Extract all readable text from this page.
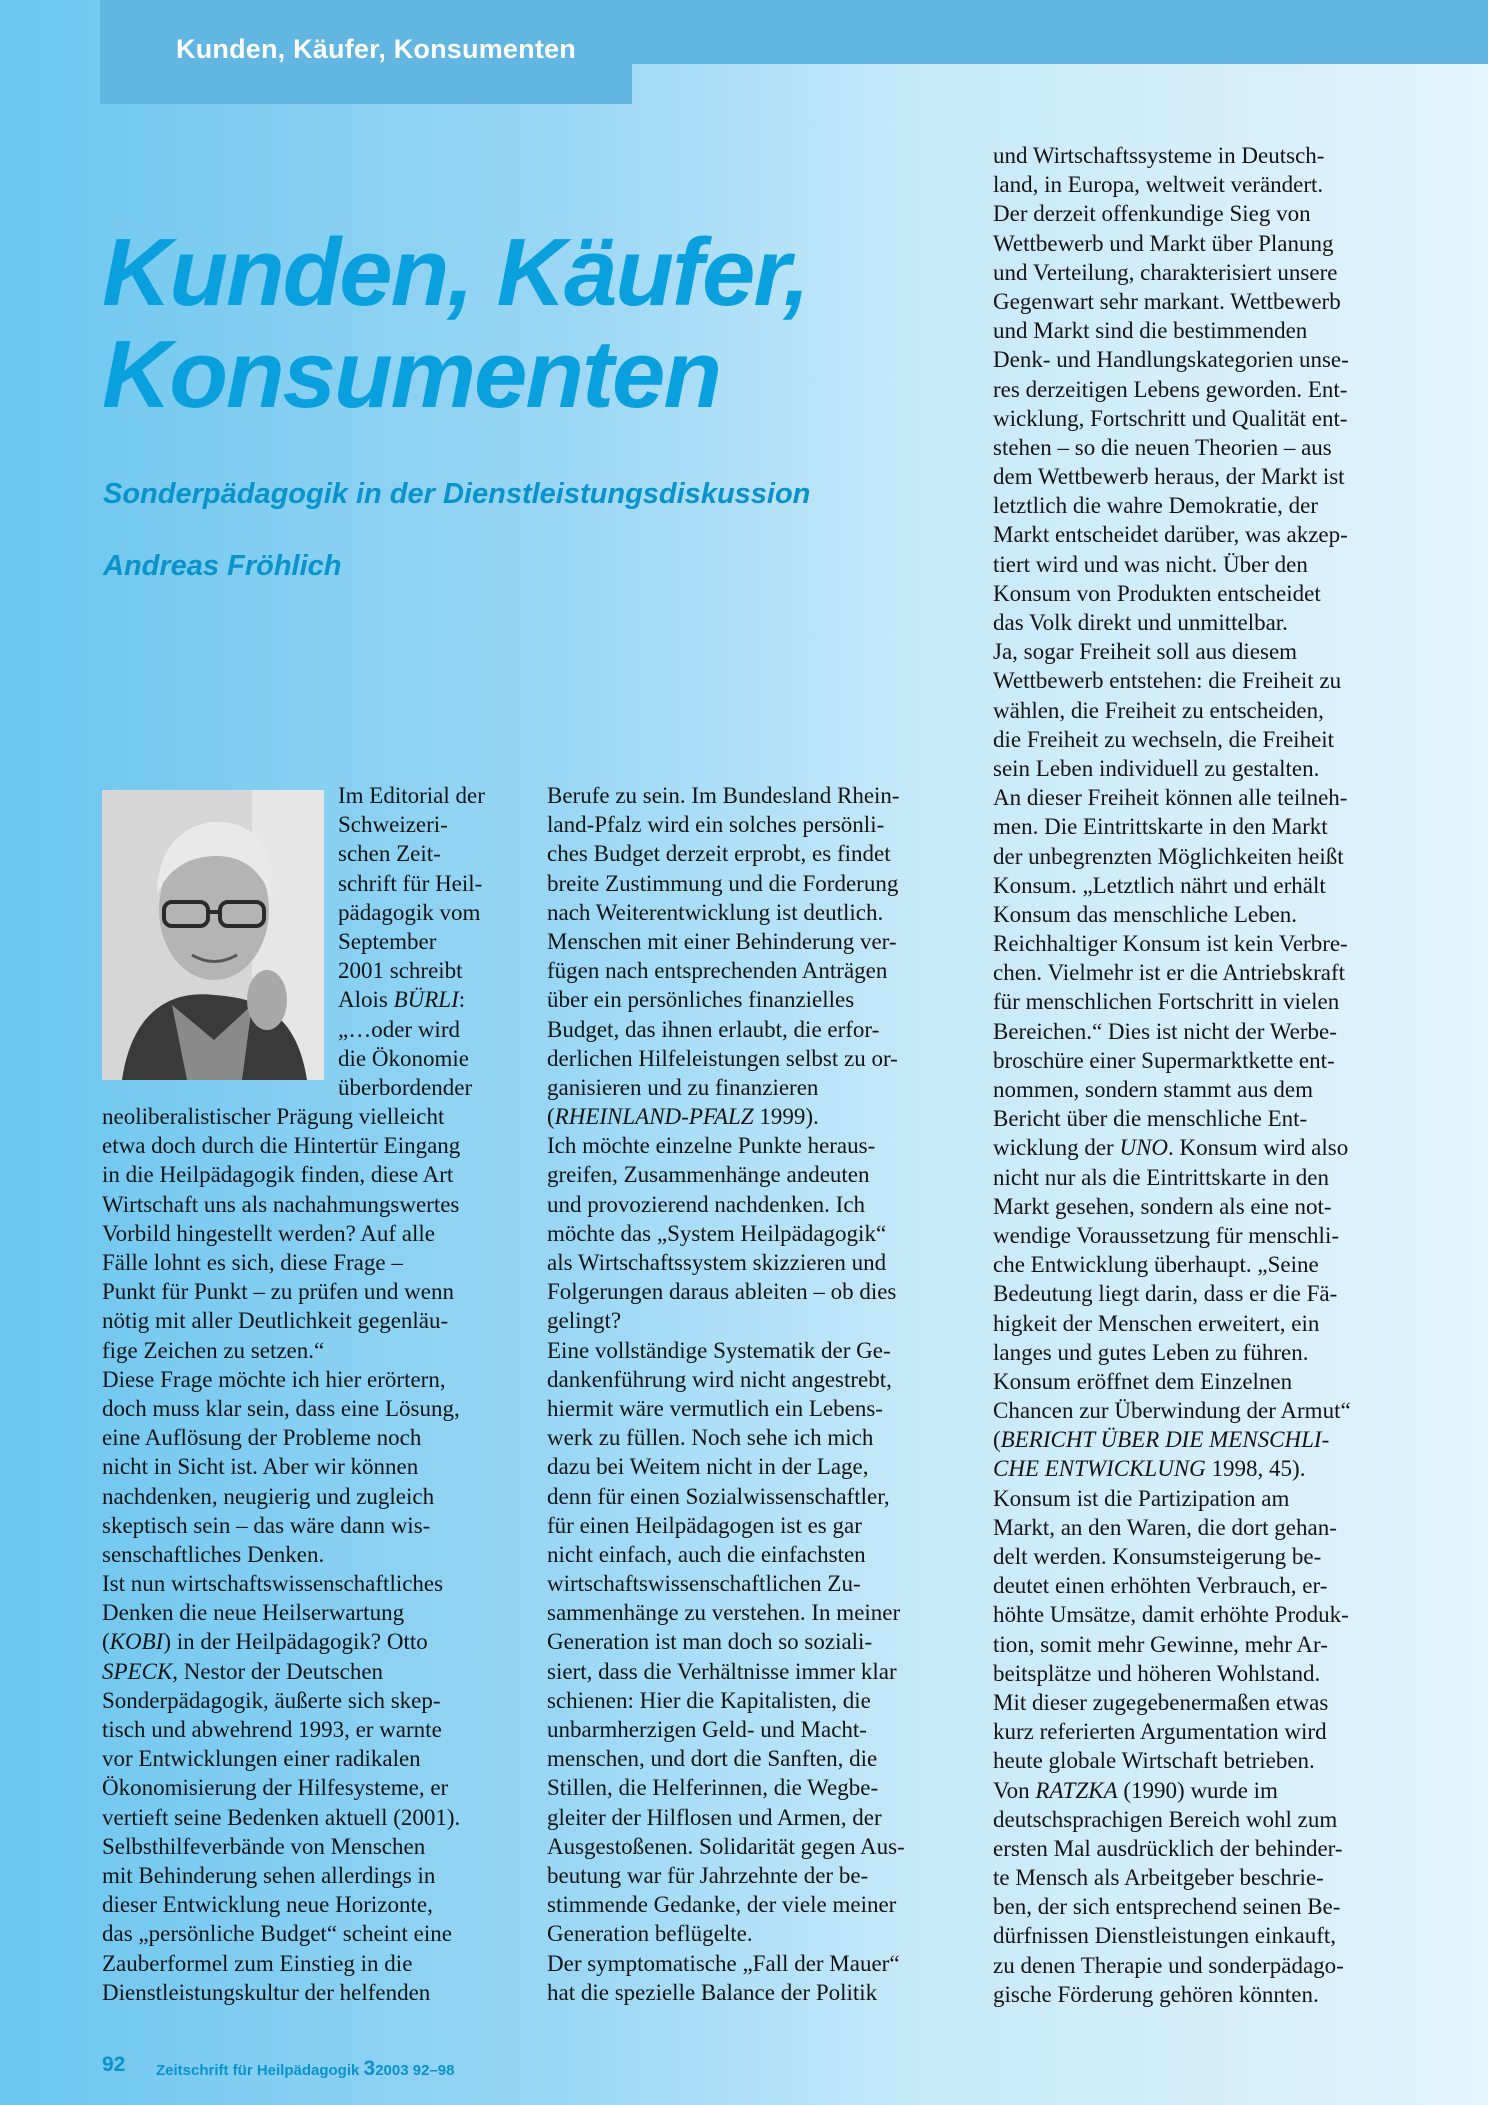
Kunden, Käufer, Konsumenten
Kunden, Käufer,
Konsumenten
Sonderpädagogik in der Dienstleistungsdiskussion
Andreas Fröhlich
Im Editorial der
Schweizeri-
schen Zeit-
schrift für Heil-
pädagogik vom
September
2001 schreibt
Alois BÜRLI:
„…oder wird
die Ökonomie
überbordender
neoliberalistischer Prägung vielleicht
etwa doch durch die Hintertür Eingang
in die Heilpädagogik finden, diese Art
Wirtschaft uns als nachahmungswertes
Vorbild hingestellt werden? Auf alle
Fälle lohnt es sich, diese Frage –
Punkt für Punkt – zu prüfen und wenn
nötig mit aller Deutlichkeit gegenläu-
fige Zeichen zu setzen.“
Diese Frage möchte ich hier erörtern,
doch muss klar sein, dass eine Lösung,
eine Auflösung der Probleme noch
nicht in Sicht ist. Aber wir können
nachdenken, neugierig und zugleich
skeptisch sein – das wäre dann wis-
senschaftliches Denken.
Ist nun wirtschaftswissenschaftliches
Denken die neue Heilserwartung
(KOBI) in der Heilpädagogik? Otto
SPECK, Nestor der Deutschen
Sonderpädagogik, äußerte sich skep-
tisch und abwehrend 1993, er warnte
vor Entwicklungen einer radikalen
Ökonomisierung der Hilfesysteme, er
vertieft seine Bedenken aktuell (2001).
Selbsthilfeverbände von Menschen
mit Behinderung sehen allerdings in
dieser Entwicklung neue Horizonte,
das „persönliche Budget“ scheint eine
Zauberformel zum Einstieg in die
Dienstleistungskultur der helfenden
Berufe zu sein. Im Bundesland Rhein-
land-Pfalz wird ein solches persönli-
ches Budget derzeit erprobt, es findet
breite Zustimmung und die Forderung
nach Weiterentwicklung ist deutlich.
Menschen mit einer Behinderung ver-
fügen nach entsprechenden Anträgen
über ein persönliches finanzielles
Budget, das ihnen erlaubt, die erfor-
derlichen Hilfeleistungen selbst zu or-
ganisieren und zu finanzieren
(RHEINLAND-PFALZ 1999).
Ich möchte einzelne Punkte heraus-
greifen, Zusammenhänge andeuten
und provozierend nachdenken. Ich
möchte das „System Heilpädagogik“
als Wirtschaftssystem skizzieren und
Folgerungen daraus ableiten – ob dies
gelingt?
Eine vollständige Systematik der Ge-
dankenführung wird nicht angestrebt,
hiermit wäre vermutlich ein Lebens-
werk zu füllen. Noch sehe ich mich
dazu bei Weitem nicht in der Lage,
denn für einen Sozialwissenschaftler,
für einen Heilpädagogen ist es gar
nicht einfach, auch die einfachsten
wirtschaftswissenschaftlichen Zu-
sammenhänge zu verstehen. In meiner
Generation ist man doch so soziali-
siert, dass die Verhältnisse immer klar
schienen: Hier die Kapitalisten, die
unbarmherzigen Geld- und Macht-
menschen, und dort die Sanften, die
Stillen, die Helferinnen, die Wegbe-
gleiter der Hilflosen und Armen, der
Ausgestoßenen. Solidarität gegen Aus-
beutung war für Jahrzehnte der be-
stimmende Gedanke, der viele meiner
Generation beflügelte.
Der symptomatische „Fall der Mauer“
hat die spezielle Balance der Politik
und Wirtschaftssysteme in Deutsch-
land, in Europa, weltweit verändert.
Der derzeit offenkundige Sieg von
Wettbewerb und Markt über Planung
und Verteilung, charakterisiert unsere
Gegenwart sehr markant. Wettbewerb
und Markt sind die bestimmenden
Denk- und Handlungskategorien unse-
res derzeitigen Lebens geworden. Ent-
wicklung, Fortschritt und Qualität ent-
stehen – so die neuen Theorien – aus
dem Wettbewerb heraus, der Markt ist
letztlich die wahre Demokratie, der
Markt entscheidet darüber, was akzep-
tiert wird und was nicht. Über den
Konsum von Produkten entscheidet
das Volk direkt und unmittelbar.
Ja, sogar Freiheit soll aus diesem
Wettbewerb entstehen: die Freiheit zu
wählen, die Freiheit zu entscheiden,
die Freiheit zu wechseln, die Freiheit
sein Leben individuell zu gestalten.
An dieser Freiheit können alle teilneh-
men. Die Eintrittskarte in den Markt
der unbegrenzten Möglichkeiten heißt
Konsum. „Letztlich nährt und erhält
Konsum das menschliche Leben.
Reichhaltiger Konsum ist kein Verbre-
chen. Vielmehr ist er die Antriebskraft
für menschlichen Fortschritt in vielen
Bereichen.“ Dies ist nicht der Werbe-
broschüre einer Supermarktkette ent-
nommen, sondern stammt aus dem
Bericht über die menschliche Ent-
wicklung der UNO. Konsum wird also
nicht nur als die Eintrittskarte in den
Markt gesehen, sondern als eine not-
wendige Voraussetzung für menschli-
che Entwicklung überhaupt. „Seine
Bedeutung liegt darin, dass er die Fä-
higkeit der Menschen erweitert, ein
langes und gutes Leben zu führen.
Konsum eröffnet dem Einzelnen
Chancen zur Überwindung der Armut“
(BERICHT ÜBER DIE MENSCHLI-
CHE ENTWICKLUNG 1998, 45).
Konsum ist die Partizipation am
Markt, an den Waren, die dort gehan-
delt werden. Konsumsteigerung be-
deutet einen erhöhten Verbrauch, er-
höhte Umsätze, damit erhöhte Produk-
tion, somit mehr Gewinne, mehr Ar-
beitsplätze und höheren Wohlstand.
Mit dieser zugegebenermaßen etwas
kurz referierten Argumentation wird
heute globale Wirtschaft betrieben.
Von RATZKA (1990) wurde im
deutschsprachigen Bereich wohl zum
ersten Mal ausdrücklich der behinder-
te Mensch als Arbeitgeber beschrie-
ben, der sich entsprechend seinen Be-
dürfnissen Dienstleistungen einkauft,
zu denen Therapie und sonderpädago-
gische Förderung gehören könnten.
92 Zeitschrift für Heilpädagogik 32003 92–98
